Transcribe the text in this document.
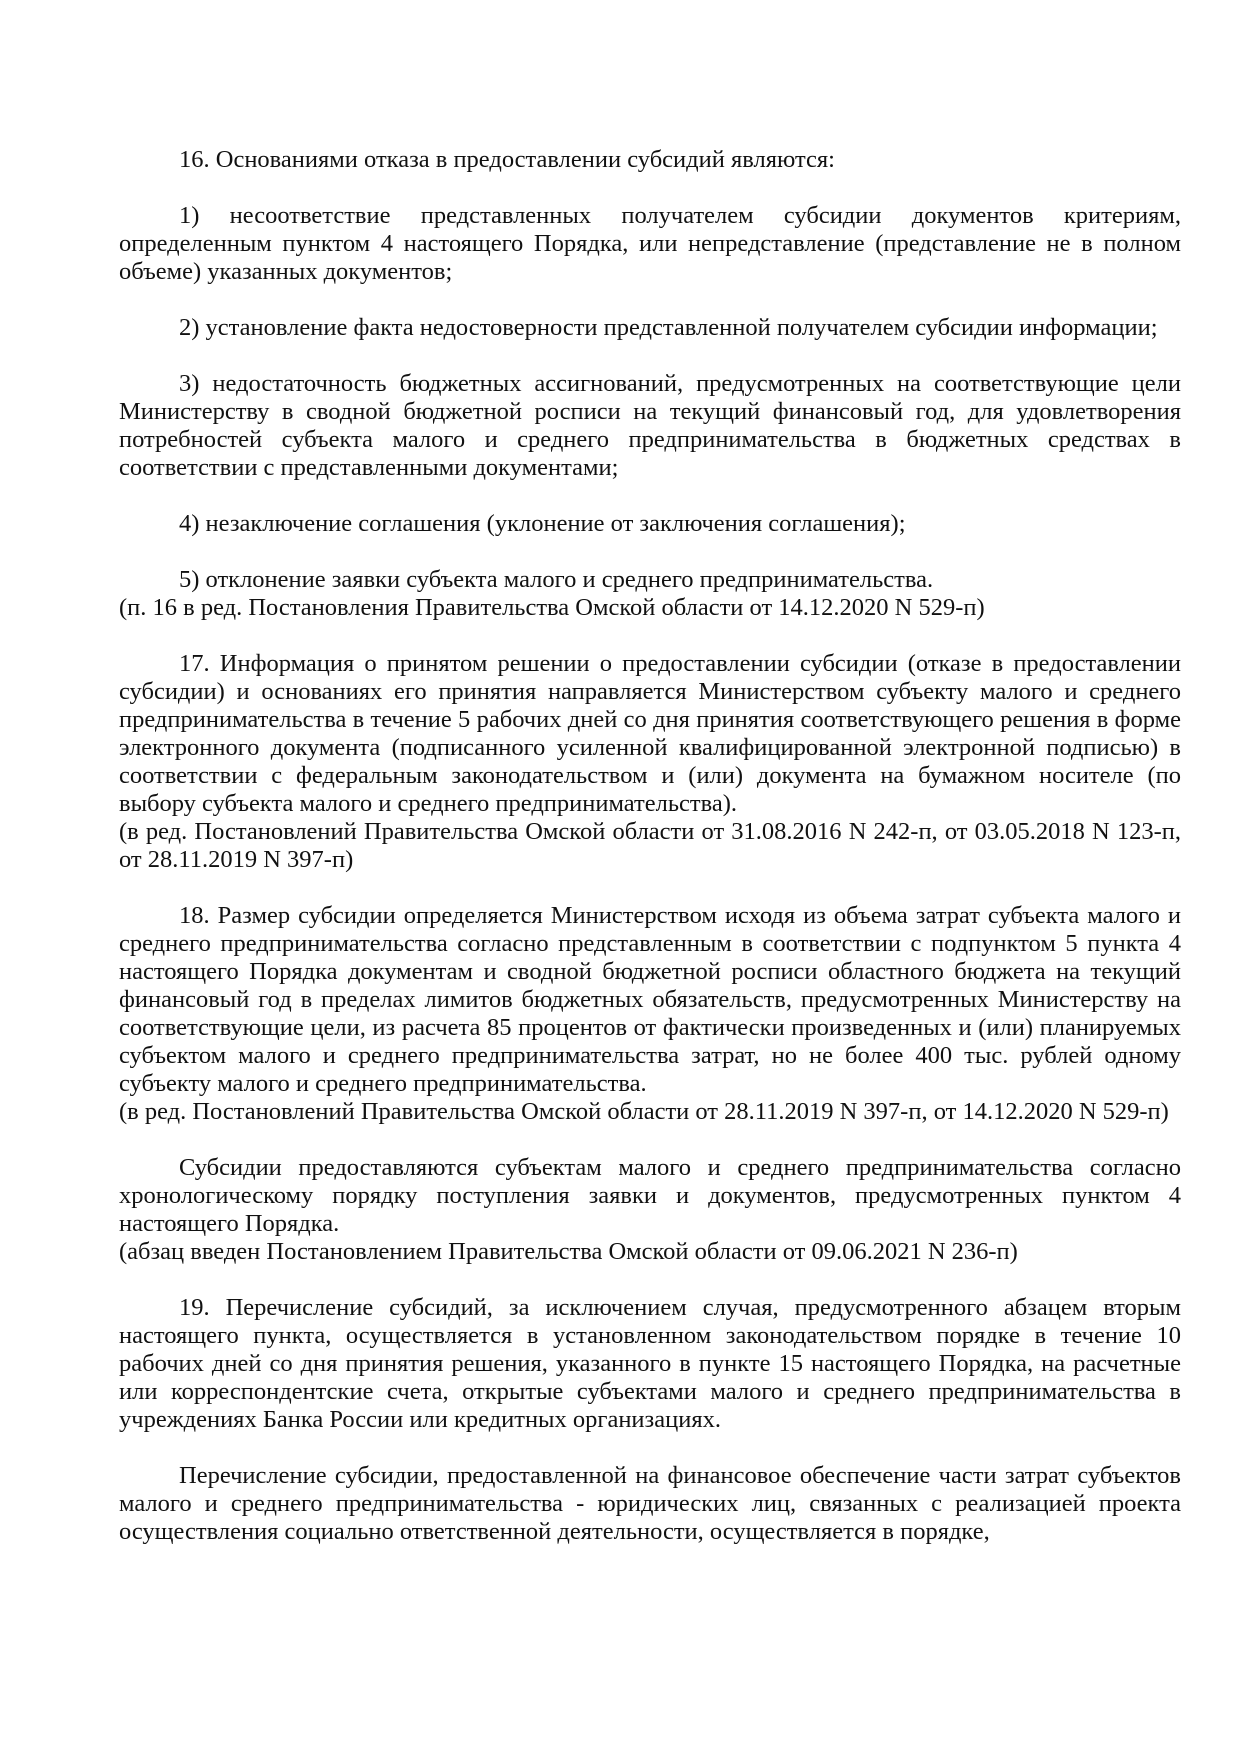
16. Основаниями отказа в предоставлении субсидий являются:

1) несоответствие представленных получателем субсидии документов критериям, определенным пунктом 4 настоящего Порядка, или непредставление (представление не в полном объеме) указанных документов;

2) установление факта недостоверности представленной получателем субсидии информации;

3) недостаточность бюджетных ассигнований, предусмотренных на соответствующие цели Министерству в сводной бюджетной росписи на текущий финансовый год, для удовлетворения потребностей субъекта малого и среднего предпринимательства в бюджетных средствах в соответствии с представленными документами;

4) незаключение соглашения (уклонение от заключения соглашения);

5) отклонение заявки субъекта малого и среднего предпринимательства.

(п. 16 в ред. Постановления Правительства Омской области от 14.12.2020 N 529-п)

17. Информация о принятом решении о предоставлении субсидии (отказе в предоставлении субсидии) и основаниях его принятия направляется Министерством субъекту малого и среднего предпринимательства в течение 5 рабочих дней со дня принятия соответствующего решения в форме электронного документа (подписанного усиленной квалифицированной электронной подписью) в соответствии с федеральным законодательством и (или) документа на бумажном носителе (по выбору субъекта малого и среднего предпринимательства).

(в ред. Постановлений Правительства Омской области от 31.08.2016 N 242-п, от 03.05.2018 N 123-п, от 28.11.2019 N 397-п)

18. Размер субсидии определяется Министерством исходя из объема затрат субъекта малого и среднего предпринимательства согласно представленным в соответствии с подпунктом 5 пункта 4 настоящего Порядка документам и сводной бюджетной росписи областного бюджета на текущий финансовый год в пределах лимитов бюджетных обязательств, предусмотренных Министерству на соответствующие цели, из расчета 85 процентов от фактически произведенных и (или) планируемых субъектом малого и среднего предпринимательства затрат, но не более 400 тыс. рублей одному субъекту малого и среднего предпринимательства.

(в ред. Постановлений Правительства Омской области от 28.11.2019 N 397-п, от 14.12.2020 N 529-п)

Субсидии предоставляются субъектам малого и среднего предпринимательства согласно хронологическому порядку поступления заявки и документов, предусмотренных пунктом 4 настоящего Порядка.

(абзац введен Постановлением Правительства Омской области от 09.06.2021 N 236-п)

19. Перечисление субсидий, за исключением случая, предусмотренного абзацем вторым настоящего пункта, осуществляется в установленном законодательством порядке в течение 10 рабочих дней со дня принятия решения, указанного в пункте 15 настоящего Порядка, на расчетные или корреспондентские счета, открытые субъектами малого и среднего предпринимательства в учреждениях Банка России или кредитных организациях.

Перечисление субсидии, предоставленной на финансовое обеспечение части затрат субъектов малого и среднего предпринимательства - юридических лиц, связанных с реализацией проекта осуществления социально ответственной деятельности, осуществляется в порядке,
